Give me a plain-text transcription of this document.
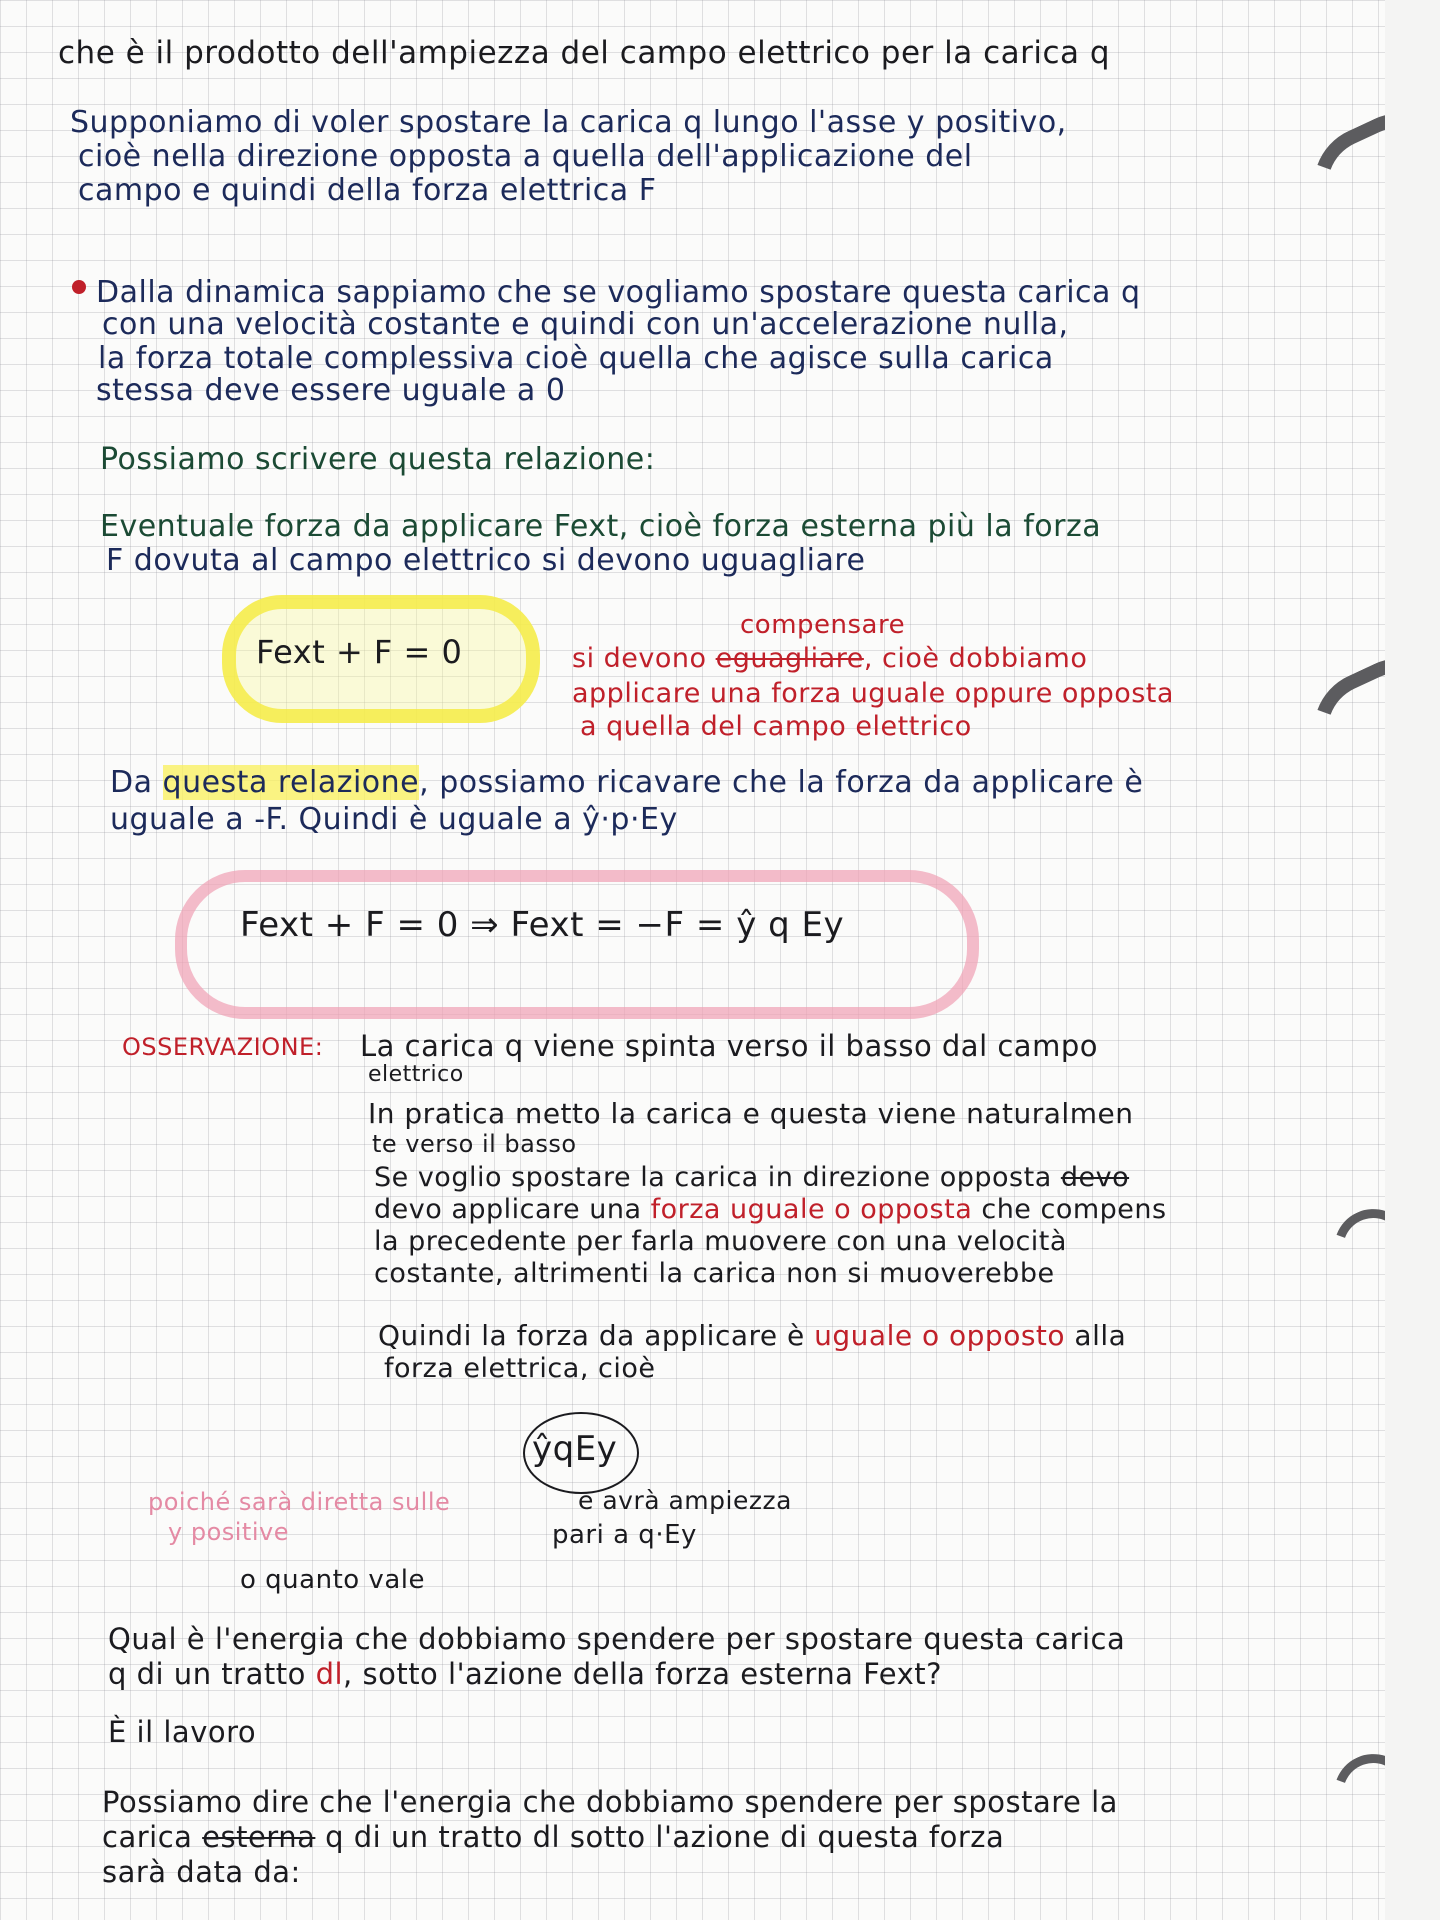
che è il prodotto dell'ampiezza del campo elettrico per la carica q
Supponiamo di voler spostare la carica q lungo l'asse y positivo,
cioè nella direzione opposta a quella dell'applicazione del
campo e quindi della forza elettrica F
Dalla dinamica sappiamo che se vogliamo spostare questa carica q
con una velocità costante e quindi con un'accelerazione nulla,
la forza totale complessiva cioè quella che agisce sulla carica
stessa deve essere uguale a 0
Possiamo scrivere questa relazione:
Eventuale forza da applicare Fext, cioè forza esterna più la forza
F dovuta al campo elettrico si devono uguagliare
Fext + F = 0
compensare
si devono eguagliare, cioè dobbiamo
applicare una forza uguale oppure opposta
a quella del campo elettrico
Da questa relazione, possiamo ricavare che la forza da applicare è
uguale a -F. Quindi è uguale a ŷ·p·Ey
Fext + F = 0 ⇒ Fext = −F = ŷ q Ey
OSSERVAZIONE: La carica q viene spinta verso il basso dal campo
elettrico
In pratica metto la carica e questa viene naturalmen
te verso il basso
Se voglio spostare la carica in direzione opposta devo
devo applicare una forza uguale o opposta che compens
la precedente per farla muovere con una velocità
costante, altrimenti la carica non si muoverebbe
Quindi la forza da applicare è uguale o opposto alla
forza elettrica, cioè
ŷqEy
poiché sarà diretta sulle
y positive
e avrà ampiezza
pari a q·Ey
o quanto vale
Qual è l'energia che dobbiamo spendere per spostare questa carica
q di un tratto dl, sotto l'azione della forza esterna Fext?
È il lavoro
Possiamo dire che l'energia che dobbiamo spendere per spostare la
carica esterna q di un tratto dl sotto l'azione di questa forza
sarà data da:
